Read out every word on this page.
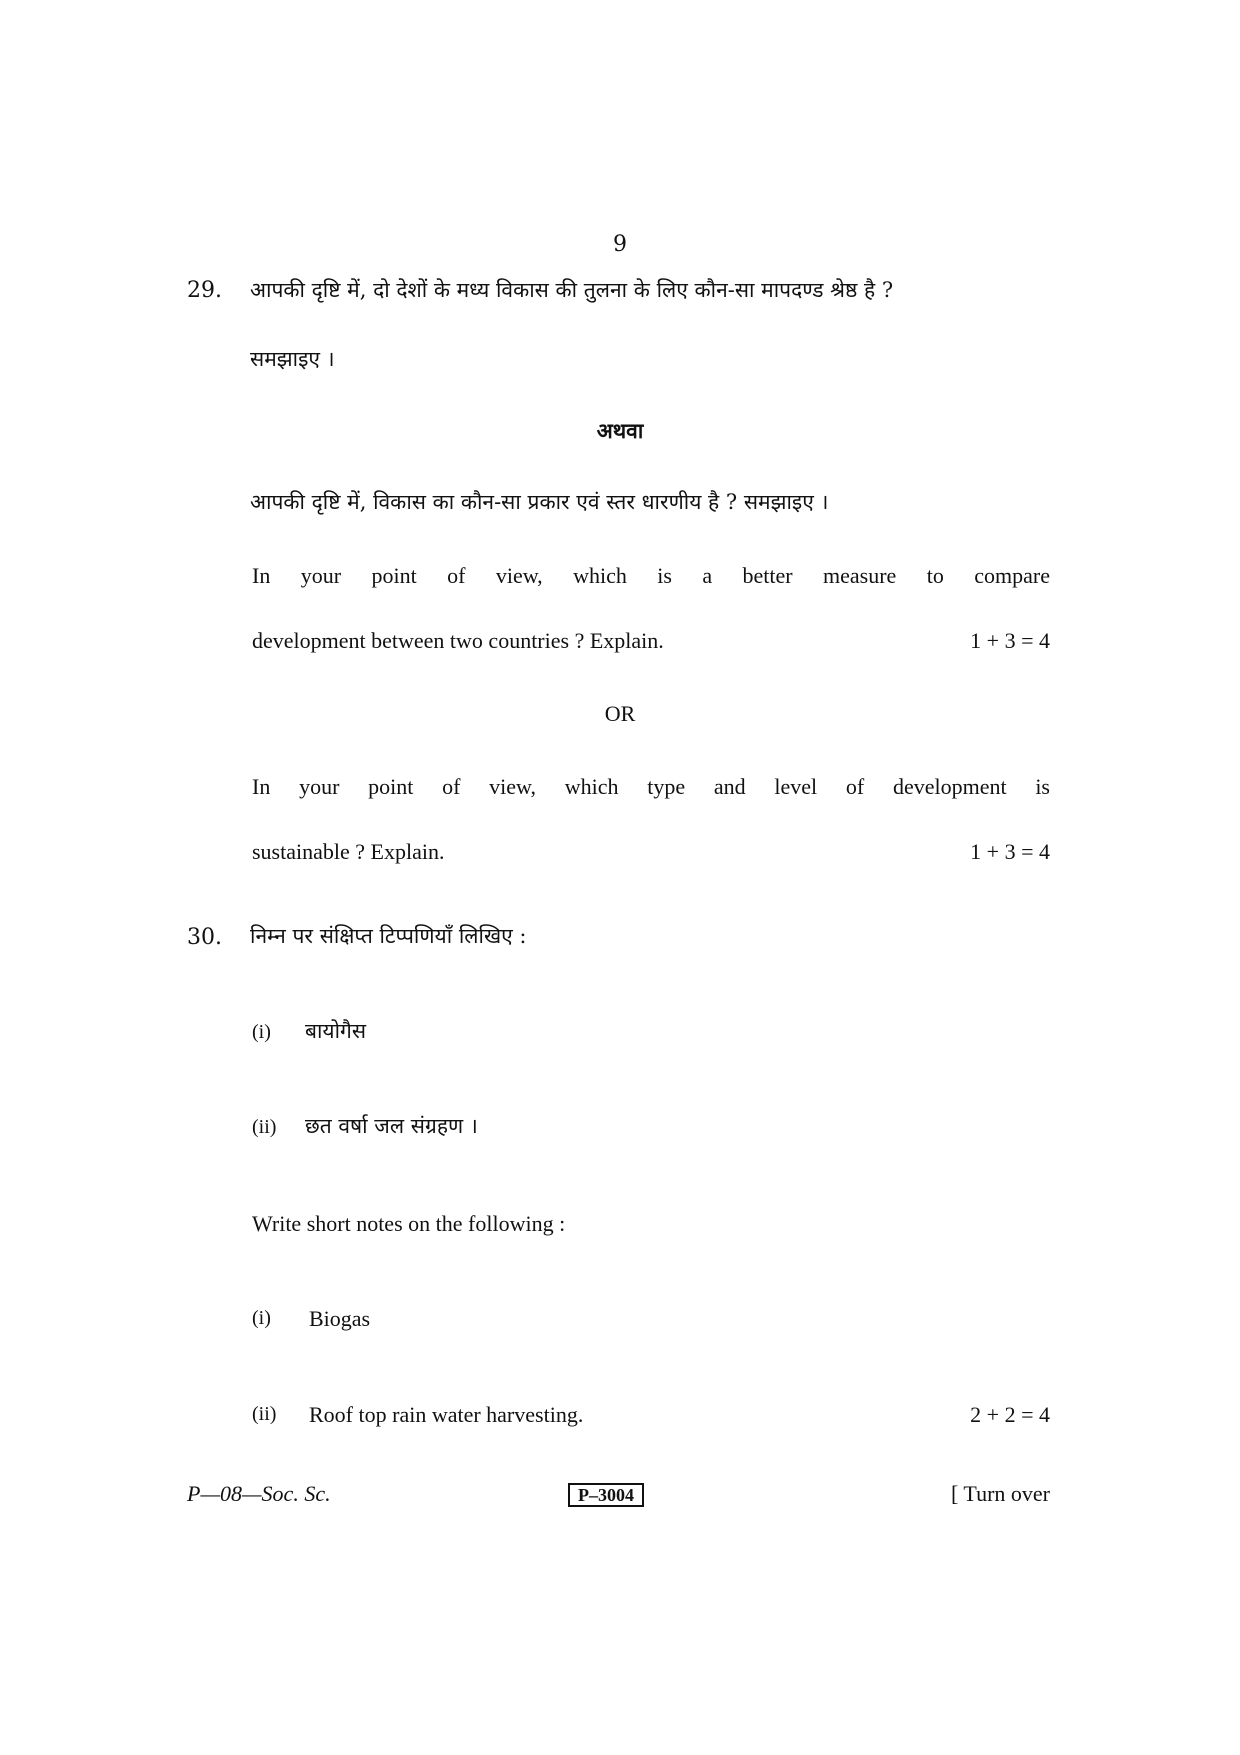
9
29. आपकी दृष्टि में, दो देशों के मध्य विकास की तुलना के लिए कौन-सा मापदण्ड श्रेष्ठ है ?
समझाइए ।
अथवा
आपकी दृष्टि में, विकास का कौन-सा प्रकार एवं स्तर धारणीय है ? समझाइए ।
In your point of view, which is a better measure to compare
development between two countries ? Explain.	1 + 3 = 4
OR
In your point of view, which type and level of development is
sustainable ? Explain.	1 + 3 = 4
30. निम्न पर संक्षिप्त टिप्पणियाँ लिखिए :
(i) बायोगैस
(ii) छत वर्षा जल संग्रहण ।
Write short notes on the following :
(i) Biogas
(ii) Roof top rain water harvesting.	2 + 2 = 4
P—08—Soc. Sc.	P–3004	[ Turn over
